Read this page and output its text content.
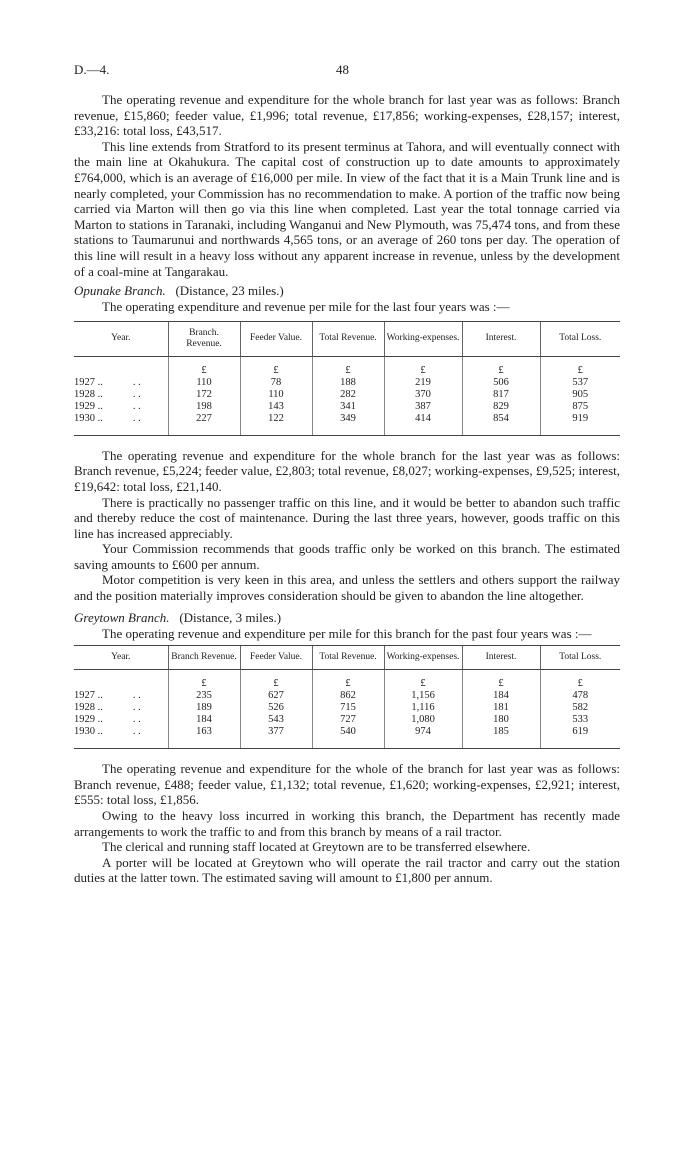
D.—4.	48

The operating revenue and expenditure for the whole branch for last year was as follows: Branch revenue, £15,860; feeder value, £1,996; total revenue, £17,856; working-expenses, £28,157; interest, £33,216: total loss, £43,517.

This line extends from Stratford to its present terminus at Tahora, and will eventually connect with the main line at Okahukura. The capital cost of construction up to date amounts to approximately £764,000, which is an average of £16,000 per mile. In view of the fact that it is a Main Trunk line and is nearly completed, your Commission has no recommendation to make. A portion of the traffic now being carried via Marton will then go via this line when completed. Last year the total tonnage carried via Marton to stations in Taranaki, including Wanganui and New Plymouth, was 75,474 tons, and from these stations to Taumarunui and northwards 4,565 tons, or an average of 260 tons per day. The operation of this line will result in a heavy loss without any apparent increase in revenue, unless by the development of a coal-mine at Tangarakau.

Opunake Branch. (Distance, 23 miles.)

The operating expenditure and revenue per mile for the last four years was :—

Year.	Branch. Revenue.	Feeder Value.	Total Revenue.	Working-expenses.	Interest.	Total Loss.

	£	£	£	£	£	£
1927 .. . .	110	78	188	219	506	537
1928 .. . .	172	110	282	370	817	905
1929 .. . .	198	143	341	387	829	875
1930 .. . .	227	122	349	414	854	919

The operating revenue and expenditure for the whole branch for the last year was as follows: Branch revenue, £5,224; feeder value, £2,803; total revenue, £8,027; working-expenses, £9,525; interest, £19,642: total loss, £21,140.

There is practically no passenger traffic on this line, and it would be better to abandon such traffic and thereby reduce the cost of maintenance. During the last three years, however, goods traffic on this line has increased appreciably.

Your Commission recommends that goods traffic only be worked on this branch. The estimated saving amounts to £600 per annum.

Motor competition is very keen in this area, and unless the settlers and others support the railway and the position materially improves consideration should be given to abandon the line altogether.

Greytown Branch. (Distance, 3 miles.)

The operating revenue and expenditure per mile for this branch for the past four years was :—

Year.	Branch Revenue.	Feeder Value.	Total Revenue.	Working-expenses.	Interest.	Total Loss.

	£	£	£	£	£	£
1927 .. . .	235	627	862	1,156	184	478
1928 .. . .	189	526	715	1,116	181	582
1929 .. . .	184	543	727	1,080	180	533
1930 .. . .	163	377	540	974	185	619

The operating revenue and expenditure for the whole of the branch for last year was as follows: Branch revenue, £488; feeder value, £1,132; total revenue, £1,620; working-expenses, £2,921; interest, £555: total loss, £1,856.

Owing to the heavy loss incurred in working this branch, the Department has recently made arrangements to work the traffic to and from this branch by means of a rail tractor.

The clerical and running staff located at Greytown are to be transferred elsewhere.

A porter will be located at Greytown who will operate the rail tractor and carry out the station duties at the latter town. The estimated saving will amount to £1,800 per annum.
